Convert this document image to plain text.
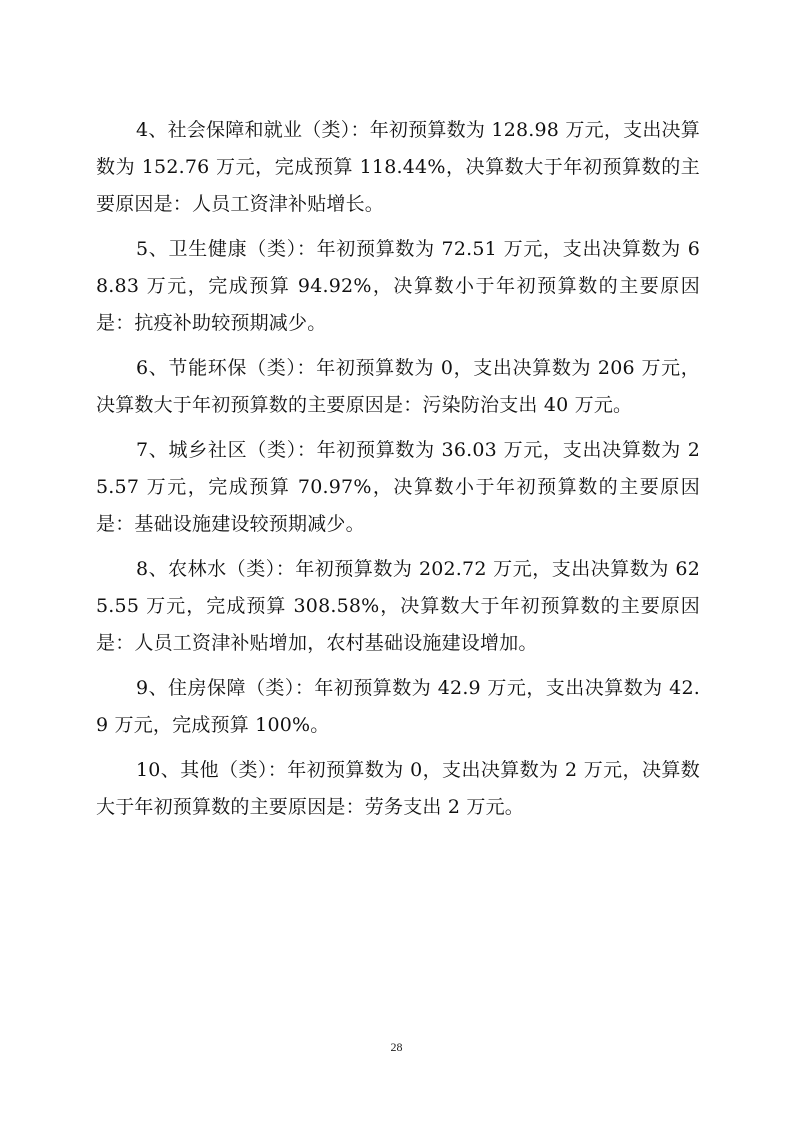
4、社会保障和就业（类）：年初预算数为 128.98 万元，支出决算数为 152.76 万元，完成预算 118.44%，决算数大于年初预算数的主要原因是：人员工资津补贴增长。

5、卫生健康（类）：年初预算数为 72.51 万元，支出决算数为 68.83 万元，完成预算 94.92%，决算数小于年初预算数的主要原因是：抗疫补助较预期减少。

6、节能环保（类）：年初预算数为 0，支出决算数为 206 万元，决算数大于年初预算数的主要原因是：污染防治支出 40 万元。

7、城乡社区（类）：年初预算数为 36.03 万元，支出决算数为 25.57 万元，完成预算 70.97%，决算数小于年初预算数的主要原因是：基础设施建设较预期减少。

8、农林水（类）：年初预算数为 202.72 万元，支出决算数为 625.55 万元，完成预算 308.58%，决算数大于年初预算数的主要原因是：人员工资津补贴增加，农村基础设施建设增加。

9、住房保障（类）：年初预算数为 42.9 万元，支出决算数为 42.9 万元，完成预算 100%。

10、其他（类）：年初预算数为 0，支出决算数为 2 万元，决算数大于年初预算数的主要原因是：劳务支出 2 万元。

28
